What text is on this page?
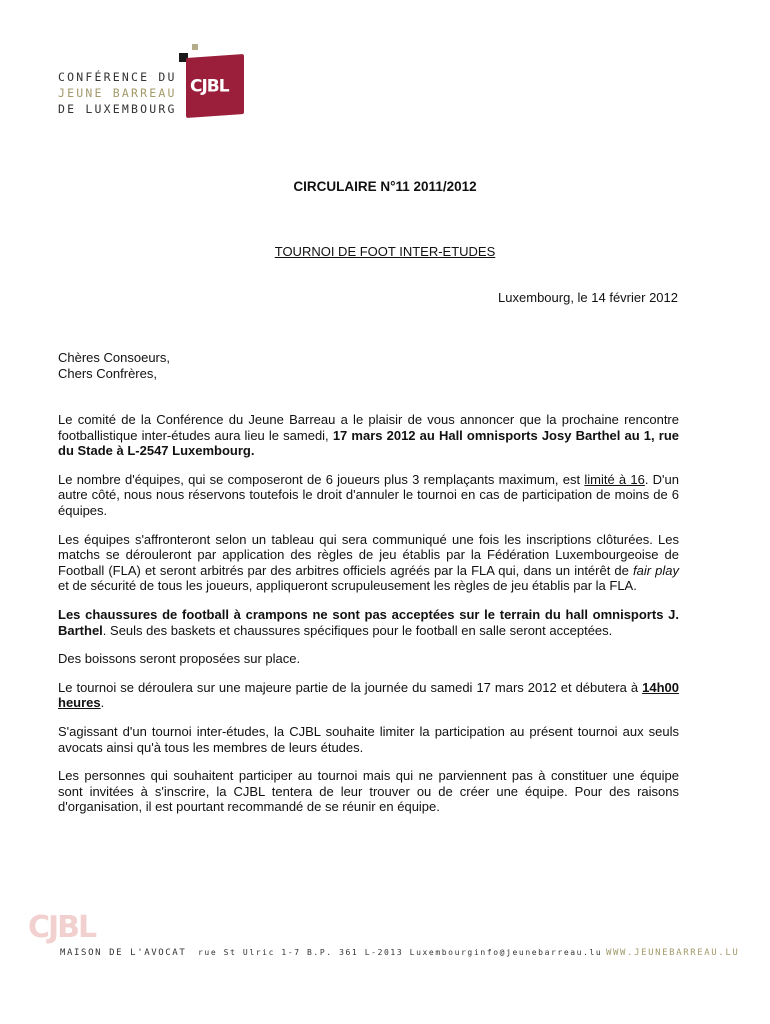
CONFÉRENCE DU
JEUNE BARREAU
DE LUXEMBOURG
CJBL
CIRCULAIRE N°11 2011/2012
TOURNOI DE FOOT INTER-ETUDES
Luxembourg, le 14 février 2012
Chères Consoeurs,
Chers Confrères,

Le comité de la Conférence du Jeune Barreau a le plaisir de vous annoncer que la prochaine rencontre footballistique inter-études aura lieu le samedi, 17 mars 2012 au Hall omnisports Josy Barthel au 1, rue du Stade à L-2547 Luxembourg.

Le nombre d'équipes, qui se composeront de 6 joueurs plus 3 remplaçants maximum, est limité à 16. D'un autre côté, nous nous réservons toutefois le droit d'annuler le tournoi en cas de participation de moins de 6 équipes.

Les équipes s'affronteront selon un tableau qui sera communiqué une fois les inscriptions clôturées. Les matchs se dérouleront par application des règles de jeu établis par la Fédération Luxembourgeoise de Football (FLA) et seront arbitrés par des arbitres officiels agréés par la FLA qui, dans un intérêt de fair play et de sécurité de tous les joueurs, appliqueront scrupuleusement les règles de jeu établis par la FLA.

Les chaussures de football à crampons ne sont pas acceptées sur le terrain du hall omnisports J. Barthel. Seuls des baskets et chaussures spécifiques pour le football en salle seront acceptées.

Des boissons seront proposées sur place.

Le tournoi se déroulera sur une majeure partie de la journée du samedi 17 mars 2012 et débutera à 14h00 heures.

S'agissant d'un tournoi inter-études, la CJBL souhaite limiter la participation au présent tournoi aux seuls avocats ainsi qu'à tous les membres de leurs études.

Les personnes qui souhaitent participer au tournoi mais qui ne parviennent pas à constituer une équipe sont invitées à s'inscrire, la CJBL tentera de leur trouver ou de créer une équipe. Pour des raisons d'organisation, il est pourtant recommandé de se réunir en équipe.

CJBL
MAISON DE L'AVOCAT rue St Ulric 1-7 B.P. 361 L-2013 Luxembourg info@jeunebarreau.lu WWW.JEUNEBARREAU.LU
